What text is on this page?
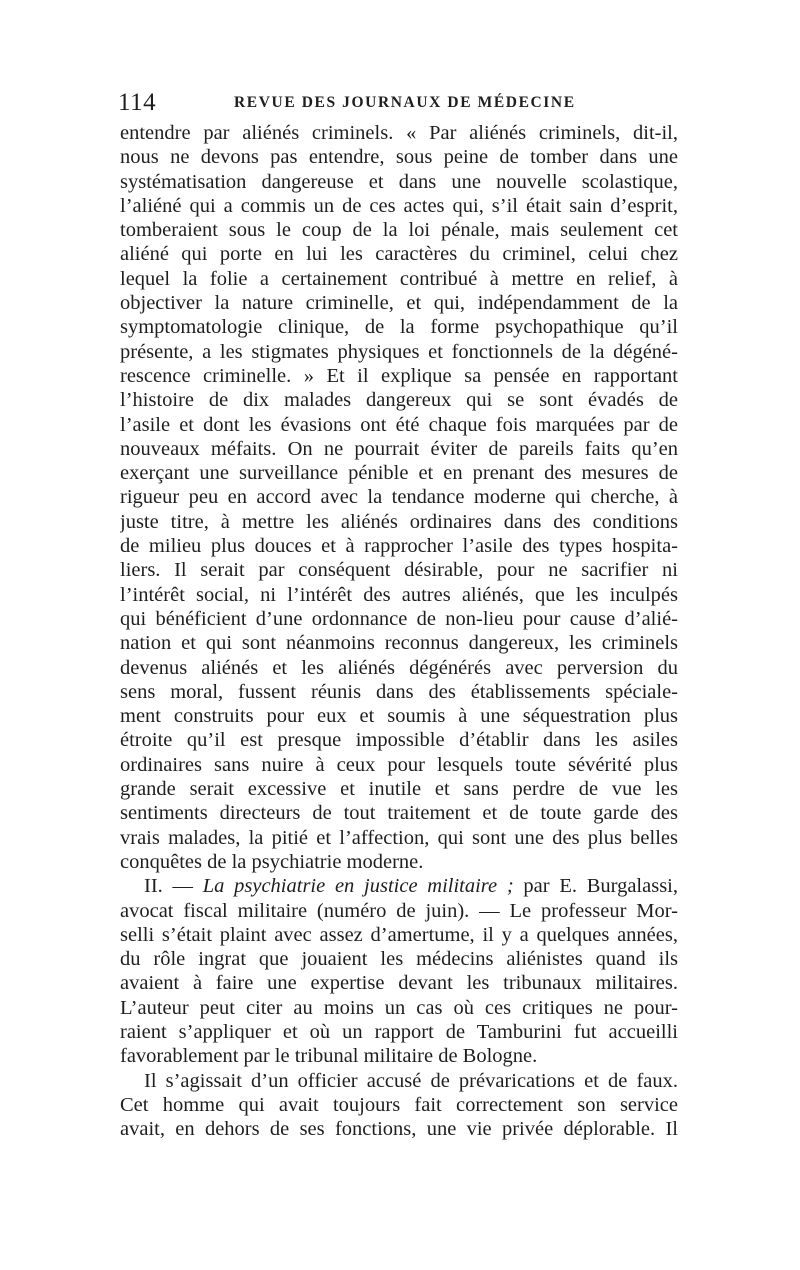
114	REVUE DES JOURNAUX DE MÉDECINE
entendre par aliénés criminels. « Par aliénés criminels, dit-il,
nous ne devons pas entendre, sous peine de tomber dans une
systématisation dangereuse et dans une nouvelle scolastique,
l’aliéné qui a commis un de ces actes qui, s’il était sain d’esprit,
tomberaient sous le coup de la loi pénale, mais seulement cet
aliéné qui porte en lui les caractères du criminel, celui chez
lequel la folie a certainement contribué à mettre en relief, à
objectiver la nature criminelle, et qui, indépendamment de la
symptomatologie clinique, de la forme psychopathique qu’il
présente, a les stigmates physiques et fonctionnels de la dégéné-
rescence criminelle. » Et il explique sa pensée en rapportant
l’histoire de dix malades dangereux qui se sont évadés de
l’asile et dont les évasions ont été chaque fois marquées par de
nouveaux méfaits. On ne pourrait éviter de pareils faits qu’en
exerçant une surveillance pénible et en prenant des mesures de
rigueur peu en accord avec la tendance moderne qui cherche, à
juste titre, à mettre les aliénés ordinaires dans des conditions
de milieu plus douces et à rapprocher l’asile des types hospita-
liers. Il serait par conséquent désirable, pour ne sacrifier ni
l’intérêt social, ni l’intérêt des autres aliénés, que les inculpés
qui bénéficient d’une ordonnance de non-lieu pour cause d’alié-
nation et qui sont néanmoins reconnus dangereux, les criminels
devenus aliénés et les aliénés dégénérés avec perversion du
sens moral, fussent réunis dans des établissements spéciale-
ment construits pour eux et soumis à une séquestration plus
étroite qu’il est presque impossible d’établir dans les asiles
ordinaires sans nuire à ceux pour lesquels toute sévérité plus
grande serait excessive et inutile et sans perdre de vue les
sentiments directeurs de tout traitement et de toute garde des
vrais malades, la pitié et l’affection, qui sont une des plus belles
conquêtes de la psychiatrie moderne.
II. — La psychiatrie en justice militaire ; par E. Burgalassi,
avocat fiscal militaire (numéro de juin). — Le professeur Mor-
selli s’était plaint avec assez d’amertume, il y a quelques années,
du rôle ingrat que jouaient les médecins aliénistes quand ils
avaient à faire une expertise devant les tribunaux militaires.
L’auteur peut citer au moins un cas où ces critiques ne pour-
raient s’appliquer et où un rapport de Tamburini fut accueilli
favorablement par le tribunal militaire de Bologne.
Il s’agissait d’un officier accusé de prévarications et de faux.
Cet homme qui avait toujours fait correctement son service
avait, en dehors de ses fonctions, une vie privée déplorable. Il
